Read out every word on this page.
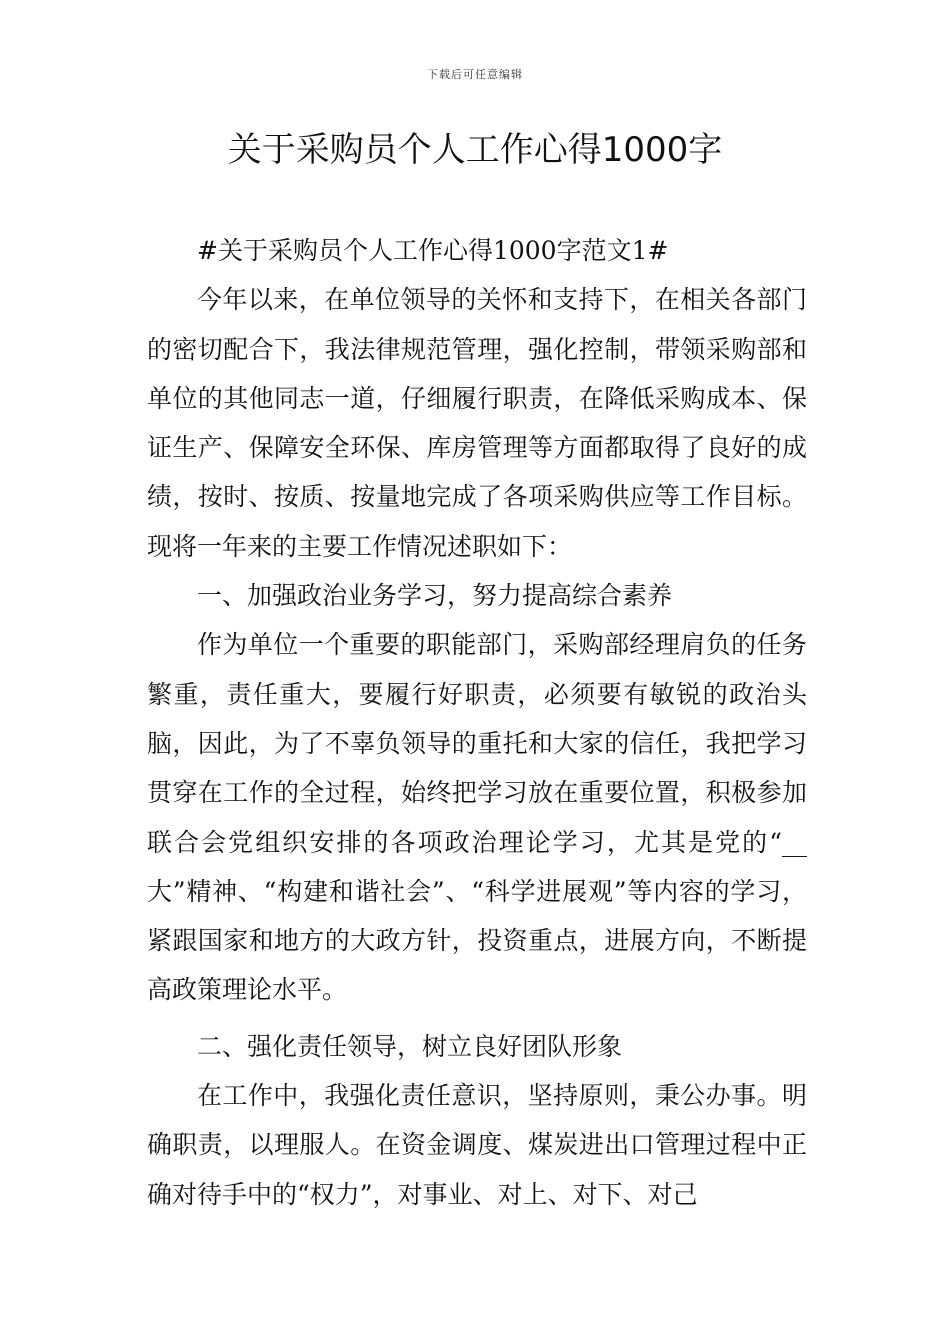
下载后可任意编辑
关于采购员个人工作心得1000字

#关于采购员个人工作心得1000字范文1#

今年以来，在单位领导的关怀和支持下，在相关各部门的密切配合下，我法律规范管理，强化控制，带领采购部和单位的其他同志一道，仔细履行职责，在降低采购成本、保证生产、保障安全环保、库房管理等方面都取得了良好的成绩，按时、按质、按量地完成了各项采购供应等工作目标。现将一年来的主要工作情况述职如下：

一、加强政治业务学习，努力提高综合素养

作为单位一个重要的职能部门，采购部经理肩负的任务繁重，责任重大，要履行好职责，必须要有敏锐的政治头脑，因此，为了不辜负领导的重托和大家的信任，我把学习贯穿在工作的全过程，始终把学习放在重要位置，积极参加联合会党组织安排的各项政治理论学习，尤其是党的“__大”精神、“构建和谐社会”、“科学进展观”等内容的学习，紧跟国家和地方的大政方针，投资重点，进展方向，不断提高政策理论水平。

二、强化责任领导，树立良好团队形象

在工作中，我强化责任意识，坚持原则，秉公办事。明确职责，以理服人。在资金调度、煤炭进出口管理过程中正确对待手中的“权力”，对事业、对上、对下、对己
